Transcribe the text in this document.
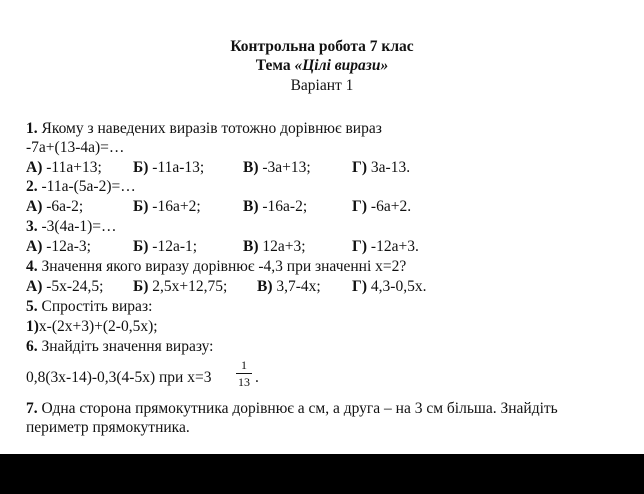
Контрольна робота 7 клас
Тема «Цілі вирази»
Варіант 1
1. Якому з наведених виразів тотожно дорівнює вираз
-7a+(13-4a)=…
А) -11a+13; Б) -11a-13;	В) -3a+13;	Г) 3a-13.
2. -11a-(5a-2)=…
А) -6a-2;	Б) -16a+2;	В) -16a-2;	Г) -6a+2.
3. -3(4a-1)=…
А) -12a-3;	Б) -12a-1;	В) 12a+3;	Г) -12a+3.
4. Значення якого виразу дорівнює -4,3 при значенні x=2?
А) -5x-24,5; Б) 2,5x+12,75; В) 3,7-4x; Г) 4,3-0,5x.
5. Спростіть вираз:
1)x-(2x+3)+(2-0,5x);
6. Знайдіть значення виразу:
0,8(3x-14)-0,3(4-5x) при x=3
1
13 .
7. Одна сторона прямокутника дорівнює a см, а друга – на 3 см більша. Знайдіть
периметр прямокутника.
